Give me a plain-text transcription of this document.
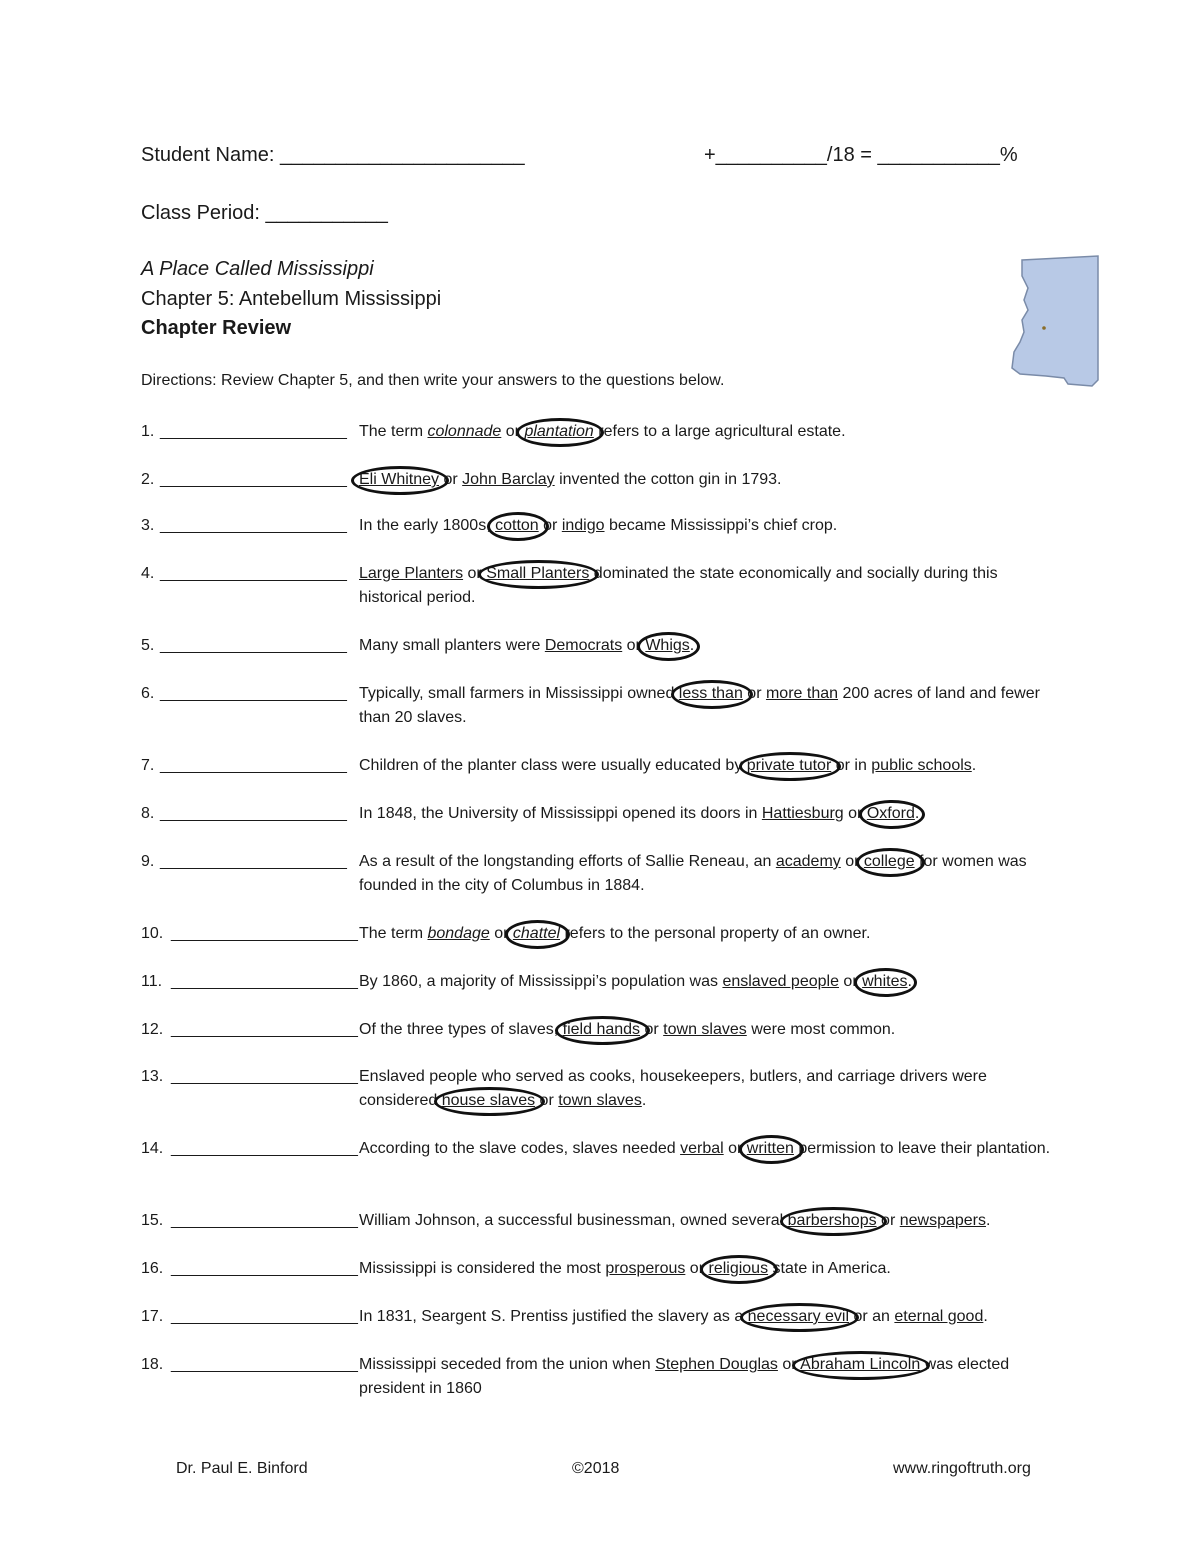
Student Name: ______________________	+__________/18 = ___________%
Class Period: ___________
A Place Called Mississippi
Chapter 5: Antebellum Mississippi
Chapter Review
Directions: Review Chapter 5, and then write your answers to the questions below.
1. _____________________ The term colonnade or plantation refers to a large agricultural estate.
2. _____________________ Eli Whitney or John Barclay invented the cotton gin in 1793.
3. _____________________ In the early 1800s, cotton or indigo became Mississippi’s chief crop.
4. _____________________ Large Planters or Small Planters dominated the state economically and socially during this historical period.
5. _____________________ Many small planters were Democrats or Whigs.
6. _____________________ Typically, small farmers in Mississippi owned less than or more than 200 acres of land and fewer than 20 slaves.
7. _____________________ Children of the planter class were usually educated by private tutor or in public schools.
8. _____________________ In 1848, the University of Mississippi opened its doors in Hattiesburg or Oxford.
9. _____________________ As a result of the longstanding efforts of Sallie Reneau, an academy or college for women was founded in the city of Columbus in 1884.
10. _____________________ The term bondage or chattel refers to the personal property of an owner.
11. _____________________ By 1860, a majority of Mississippi’s population was enslaved people or whites.
12. _____________________ Of the three types of slaves, field hands or town slaves were most common.
13. _____________________ Enslaved people who served as cooks, housekeepers, butlers, and carriage drivers were considered house slaves or town slaves.
14. _____________________ According to the slave codes, slaves needed verbal or written permission to leave their plantation.
15. _____________________ William Johnson, a successful businessman, owned several barbershops or newspapers.
16. _____________________ Mississippi is considered the most prosperous or religious state in America.
17. _____________________ In 1831, Seargent S. Prentiss justified the slavery as a necessary evil or an eternal good.
18. _____________________ Mississippi seceded from the union when Stephen Douglas or Abraham Lincoln was elected president in 1860
Dr. Paul E. Binford	©2018	www.ringoftruth.org
